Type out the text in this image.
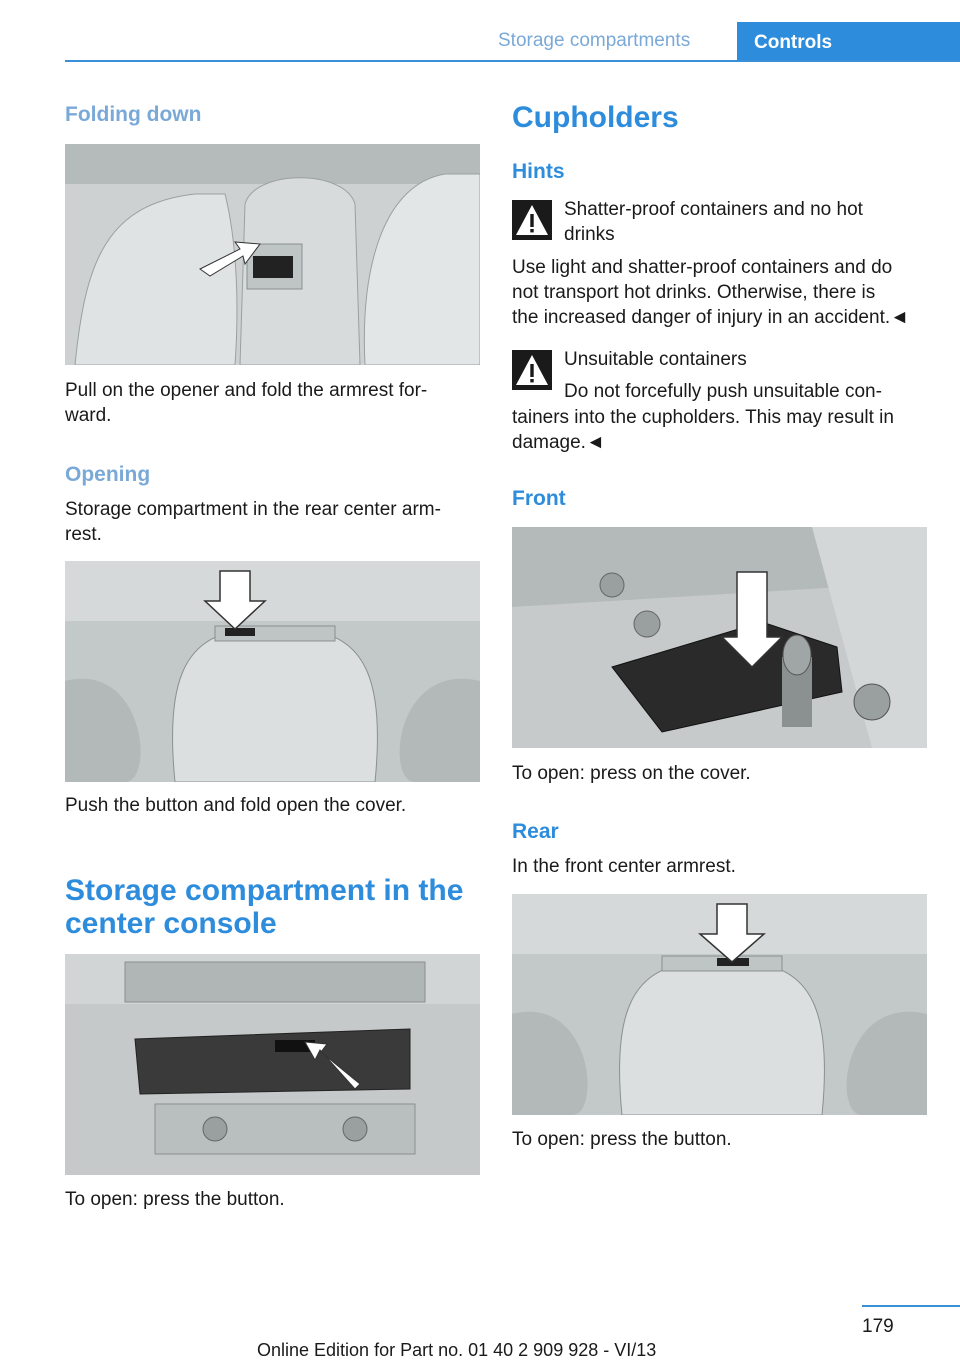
Storage compartments	Controls
Folding down
Pull on the opener and fold the armrest for-
ward.
Opening
Storage compartment in the rear center arm-
rest.
Push the button and fold open the cover.
Storage compartment in the
center console
To open: press the button.
Cupholders
Hints
Shatter-proof containers and no hot
drinks
Use light and shatter-proof containers and do
not transport hot drinks. Otherwise, there is
the increased danger of injury in an accident.◄
Unsuitable containers
Do not forcefully push unsuitable con-
tainers into the cupholders. This may result in
damage.◄
Front
To open: press on the cover.
Rear
In the front center armrest.
To open: press the button.
179
Online Edition for Part no. 01 40 2 909 928 - VI/13
